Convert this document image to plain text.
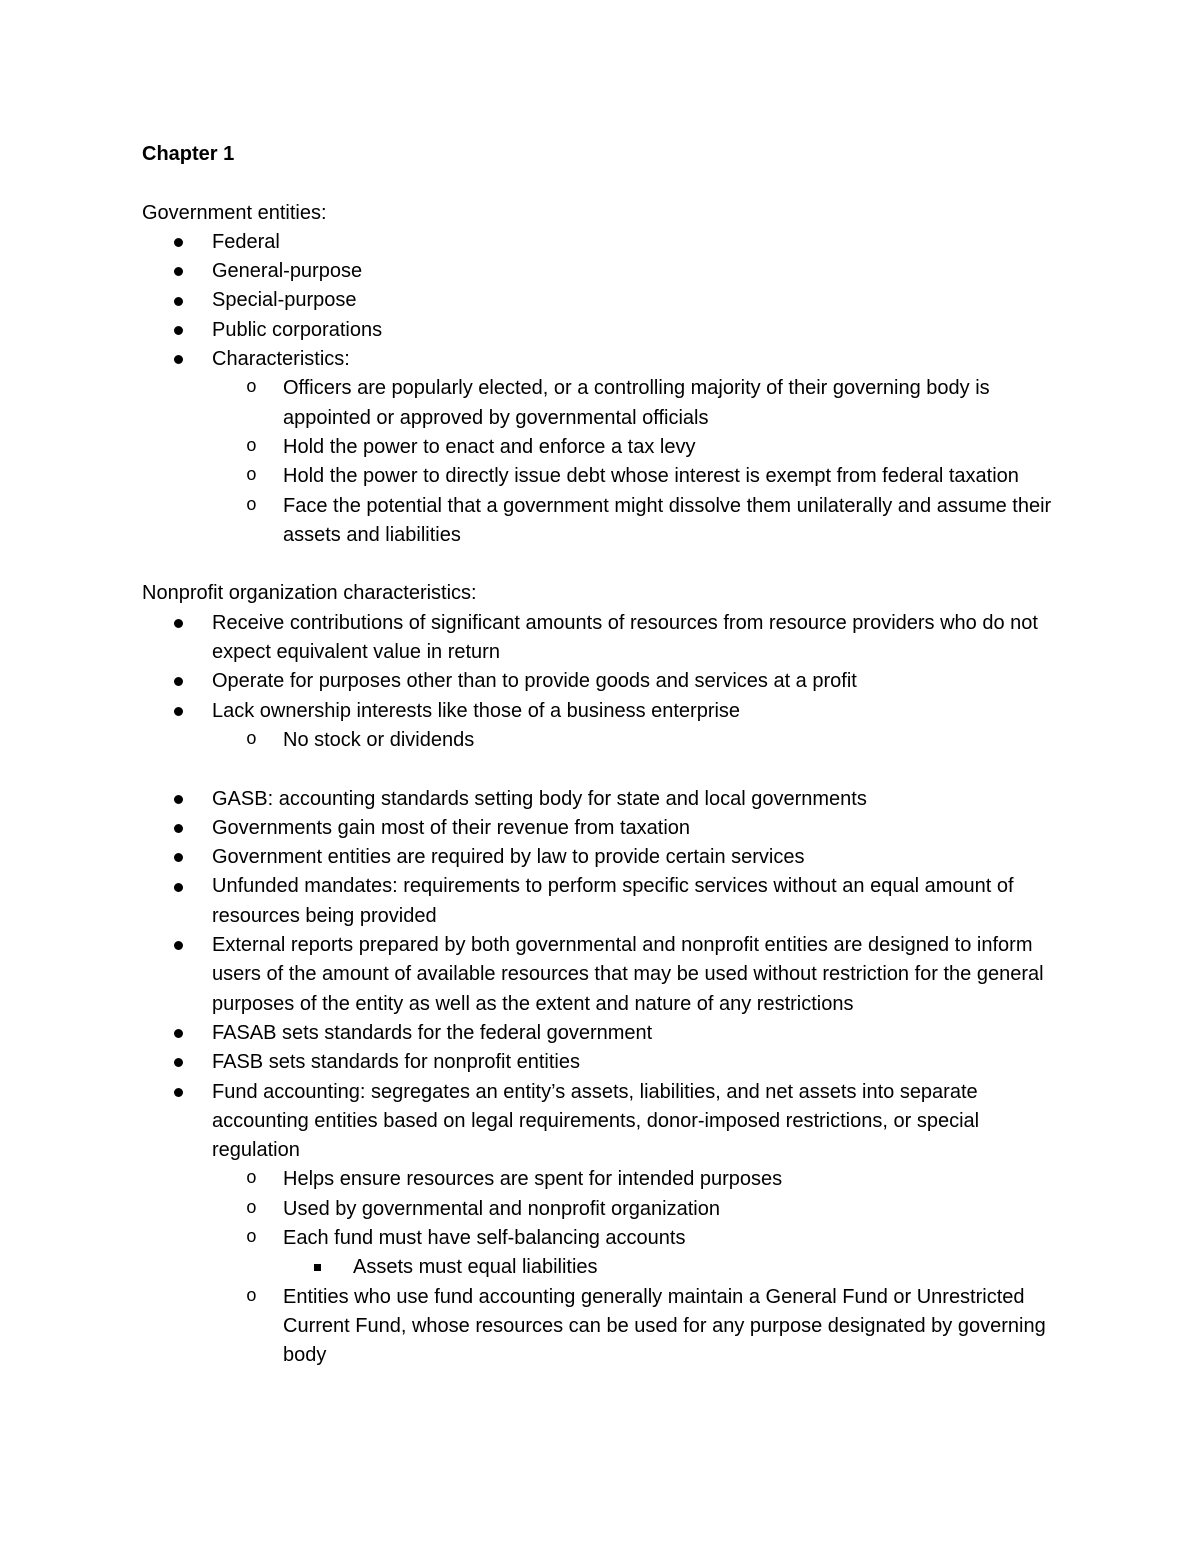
Chapter 1

Government entities:

Federal
General-purpose
Special-purpose
Public corporations
Characteristics:
o Officers are popularly elected, or a controlling majority of their governing body is appointed or approved by governmental officials
o Hold the power to enact and enforce a tax levy
o Hold the power to directly issue debt whose interest is exempt from federal taxation
o Face the potential that a government might dissolve them unilaterally and assume their assets and liabilities

Nonprofit organization characteristics:

Receive contributions of significant amounts of resources from resource providers who do not expect equivalent value in return
Operate for purposes other than to provide goods and services at a profit
Lack ownership interests like those of a business enterprise
o No stock or dividends
GASB: accounting standards setting body for state and local governments
Governments gain most of their revenue from taxation
Government entities are required by law to provide certain services
Unfunded mandates: requirements to perform specific services without an equal amount of resources being provided
External reports prepared by both governmental and nonprofit entities are designed to inform users of the amount of available resources that may be used without restriction for the general purposes of the entity as well as the extent and nature of any restrictions
FASAB sets standards for the federal government
FASB sets standards for nonprofit entities
Fund accounting: segregates an entity’s assets, liabilities, and net assets into separate accounting entities based on legal requirements, donor-imposed restrictions, or special regulation
o Helps ensure resources are spent for intended purposes
o Used by governmental and nonprofit organization
o Each fund must have self-balancing accounts
Assets must equal liabilities
o Entities who use fund accounting generally maintain a General Fund or Unrestricted Current Fund, whose resources can be used for any purpose designated by governing body
